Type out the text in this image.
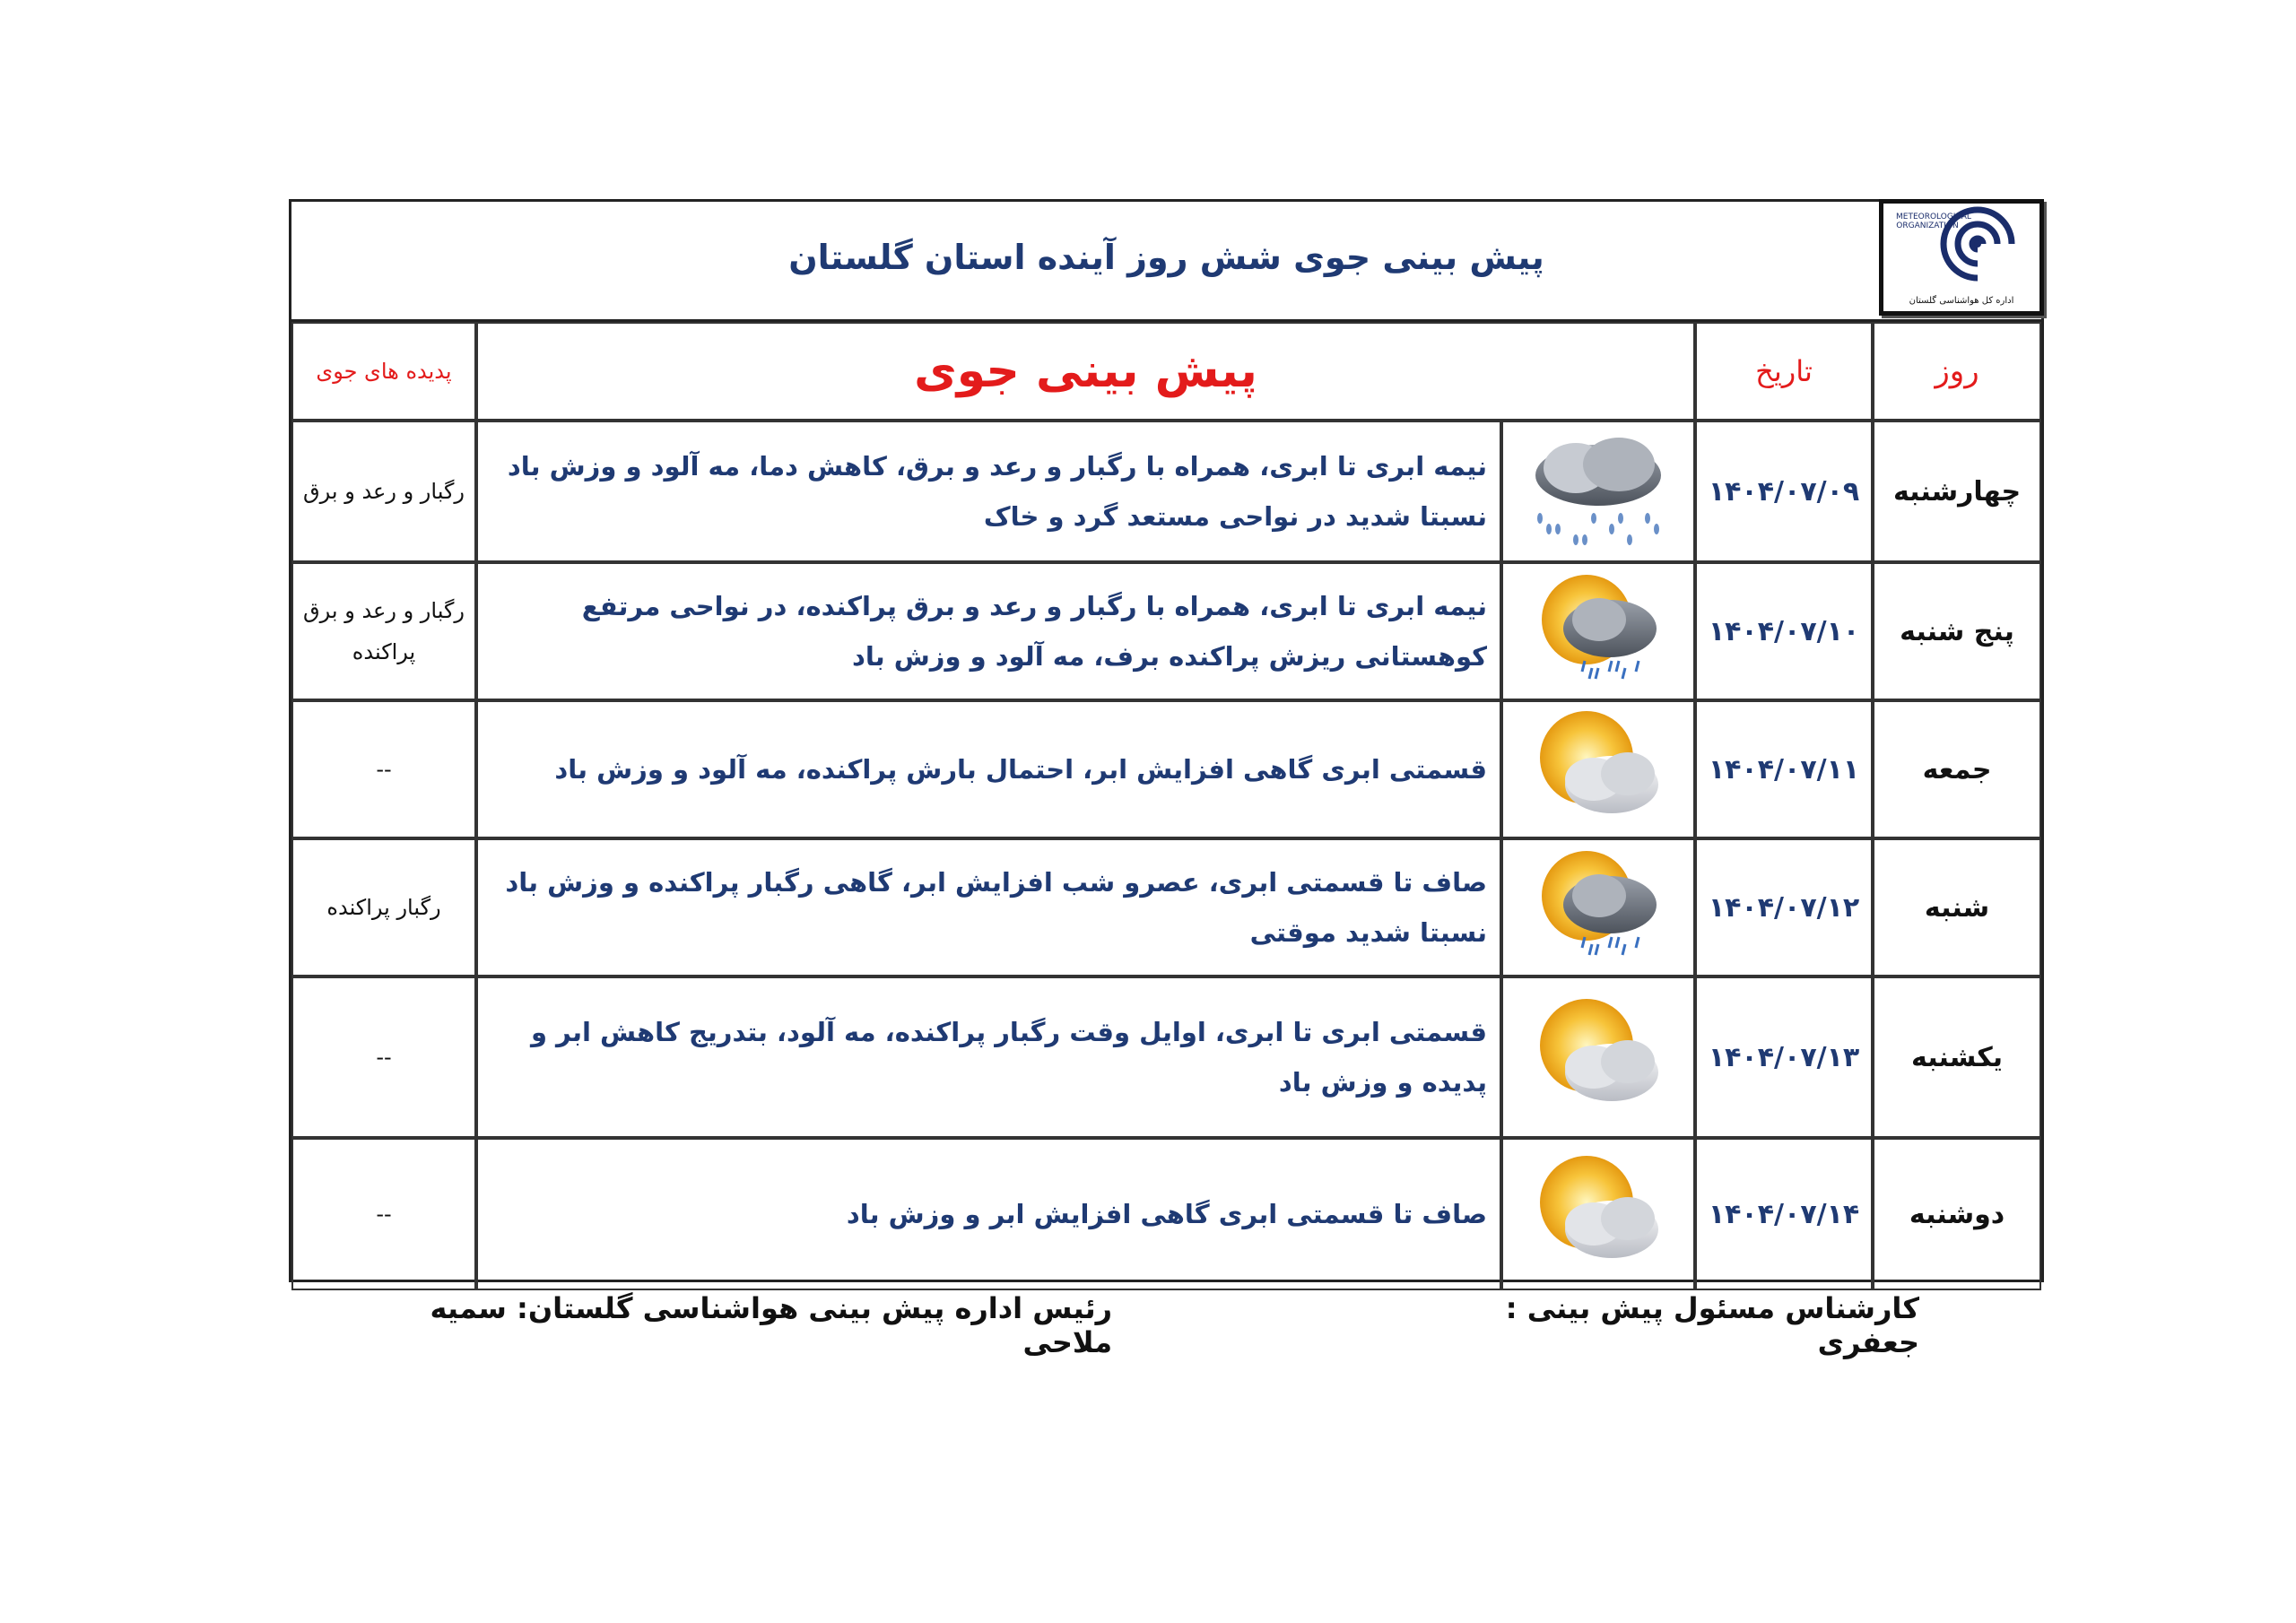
پیش بینی جوی شش روز آینده استان گلستان
METEOROLOGICAL ORGANIZATION
اداره کل هواشناسی گلستان
پدیده های جوی	پیش بینی جوی		تاریخ	روز
رگبار و رعد و برق	نیمه ابری تا ابری، همراه با رگبار و رعد و برق، کاهش دما، مه آلود و وزش باد نسبتا شدید در نواحی مستعد گرد و خاک		۱۴۰۴/۰۷/۰۹	چهارشنبه
رگبار و رعد و برق پراکنده	نیمه ابری تا ابری، همراه با رگبار و رعد و برق پراکنده، در نواحی مرتفع کوهستانی ریزش پراکنده برف، مه آلود و وزش باد		۱۴۰۴/۰۷/۱۰	پنج شنبه
--	قسمتی ابری گاهی افزایش ابر، احتمال بارش پراکنده، مه آلود و وزش باد		۱۴۰۴/۰۷/۱۱	جمعه
رگبار پراکنده	صاف تا قسمتی ابری، عصرو شب افزایش ابر، گاهی رگبار پراکنده و وزش باد نسبتا شدید موقتی		۱۴۰۴/۰۷/۱۲	شنبه
--	قسمتی ابری تا ابری، اوایل وقت رگبار پراکنده، مه آلود، بتدریج کاهش ابر و پدیده و وزش باد		۱۴۰۴/۰۷/۱۳	یکشنبه
--	صاف تا قسمتی ابری گاهی افزایش ابر و وزش باد		۱۴۰۴/۰۷/۱۴	دوشنبه
کارشناس مسئول پیش بینی : جعفری
رئیس اداره پیش بینی هواشناسی گلستان: سمیه ملاحی
